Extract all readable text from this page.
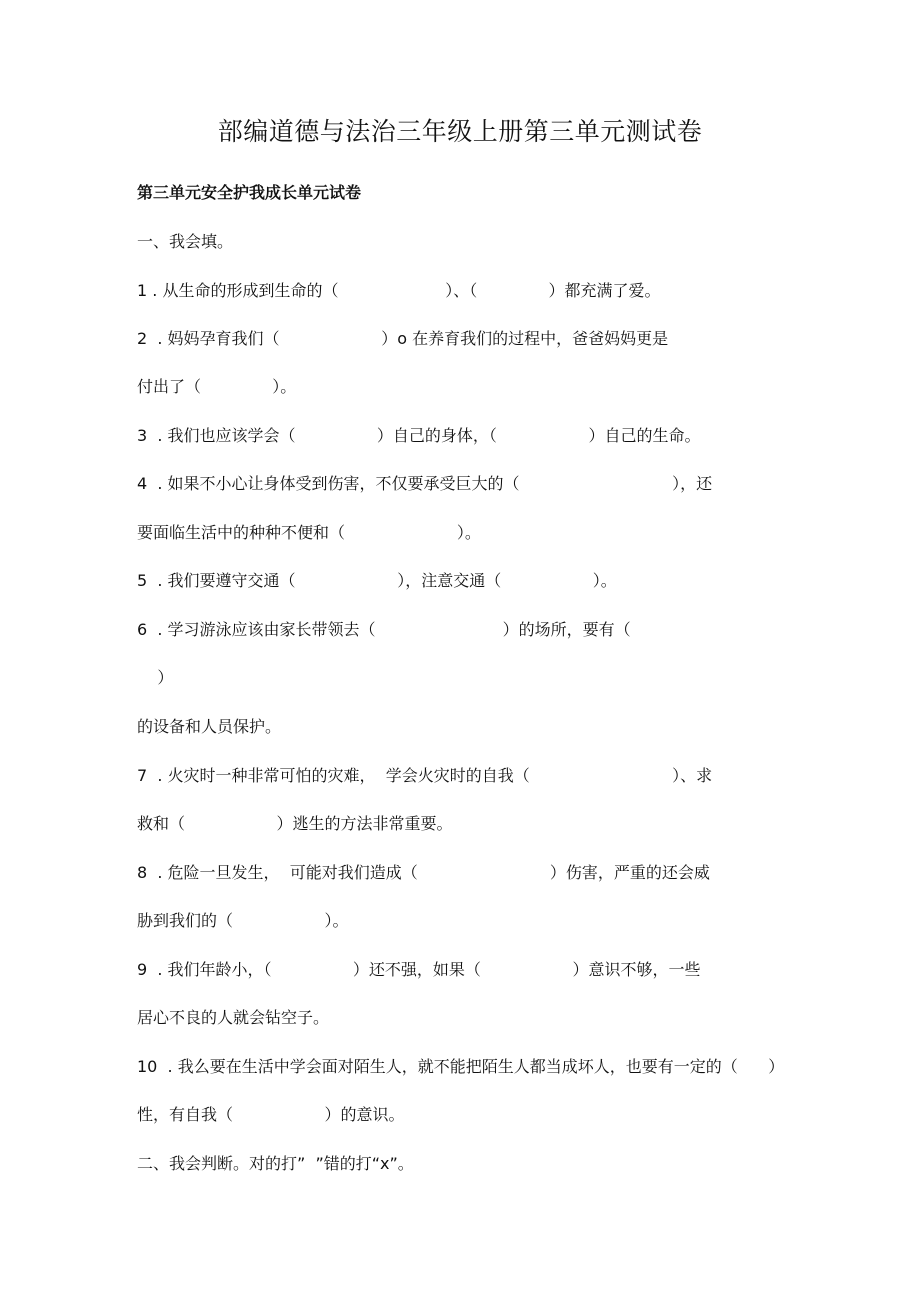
部编道德与法治三年级上册第三单元测试卷
第三单元安全护我成长单元试卷
一、我会填。
1 . 从生命的形成到生命的（                     ）、（              ）都充满了爱。
2  . 妈妈孕育我们（                    ）o 在养育我们的过程中，爸爸妈妈更是
付出了（              ）。
3  . 我们也应该学会（                ）自己的身体，（                  ）自己的生命。
4  . 如果不小心让身体受到伤害，不仅要承受巨大的（                              ），还
要面临生活中的种种不便和（                      ）。
5  . 我们要遵守交通（                    ），注意交通（                  ）。
6  . 学习游泳应该由家长带领去（                         ）的场所，要有（
）
的设备和人员保护。
7  . 火灾时一种非常可怕的灾难，  学会火灾时的自我（                            ）、求
救和（                  ）逃生的方法非常重要。
8  . 危险一旦发生，  可能对我们造成（                          ）伤害，严重的还会威
胁到我们的（                  ）。
9  . 我们年龄小，（                ）还不强，如果（                  ）意识不够，一些
居心不良的人就会钻空子。
10  . 我么要在生活中学会面对陌生人，就不能把陌生人都当成坏人，也要有一定的（      ）
性，有自我（                  ）的意识。
二、我会判断。对的打”  ”错的打“x”。
